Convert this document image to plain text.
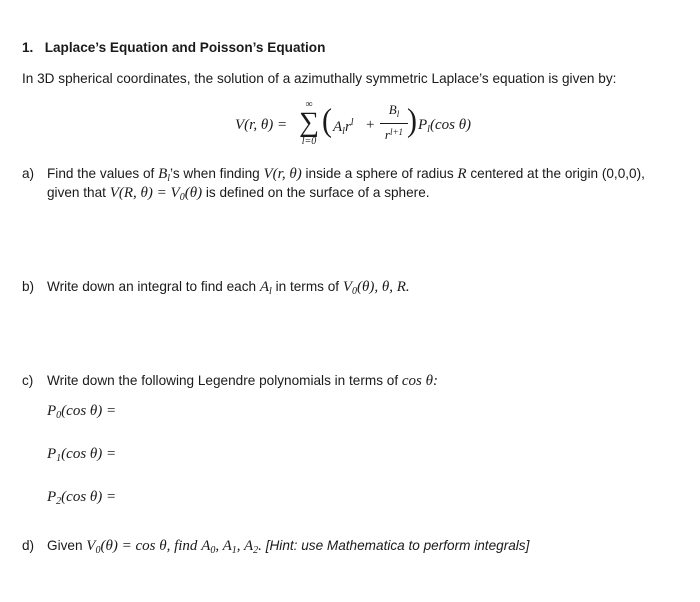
1. Laplace’s Equation and Poisson’s Equation
In 3D spherical coordinates, the solution of a azimuthally symmetric Laplace’s equation is given by:
V(r, θ) =
∞
∑
l=0
( $A_lr^l$ +
$B_l$
$r^{l+1}$ ) $P_l(\cos$ θ)
a) Find the values of $B_l’s$ when finding V(r, θ) inside a sphere of radius R centered at the origin (0,0,0),
given that V(R, $\theta) = V_0(\theta)$ is defined on the surface of a sphere.
b) Write down an integral to find each $A_l$ in terms of $V_0(\theta)$, θ, R.
c) Write down the following Legendre polynomials in terms of cos θ:
$P_0(\cos$ θ) =
$P_1(\cos$ θ) =
$P_2(\cos$ θ) =
d) Given $V_0(\theta) = \cos \theta$, find $A_0$, $A_1$, $A_2$. [Hint: use Mathematica to perform integrals]
